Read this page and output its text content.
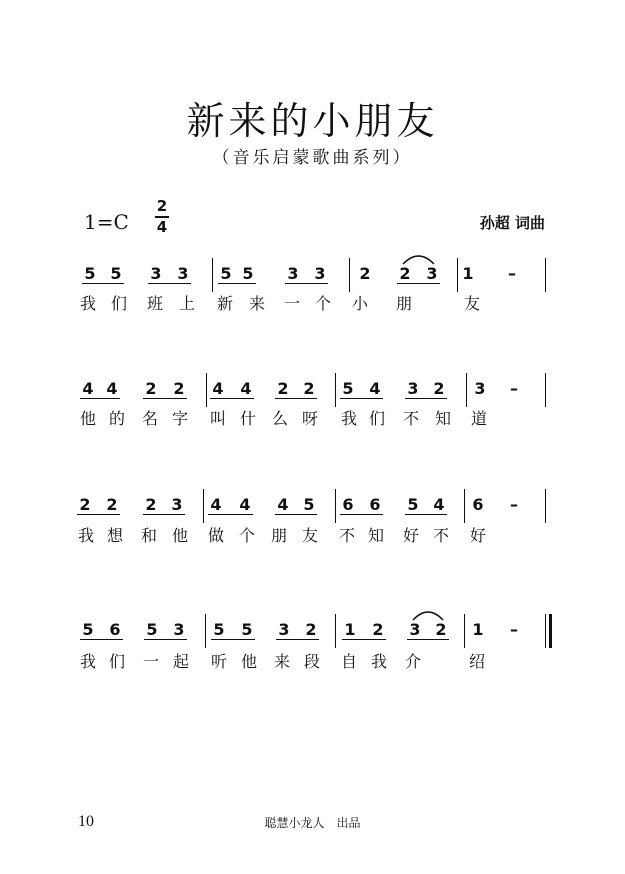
新来的小朋友
（音乐启蒙歌曲系列）
1=C
2
4	孙超 词曲
5 5 3 3 5 5 3 3 2 2 3 1 –
我 们 班 上 新 来 一 个 小 朋	友
4 4 2 2 4 4 2 2 5 4 3 2 3 –
他 的 名 字 叫 什 么 呀 我 们 不 知 道
2 2 2 3 4 4 4 5 6 6 5 4 6 –
我 想 和 他 做 个 朋 友 不 知 好 不 好
5 6 5 3 5 5 3 2 1 2 3 2 1 –
我 们 一 起 听 他 来 段 自 我 介	绍
10	聪慧小龙人　出品
